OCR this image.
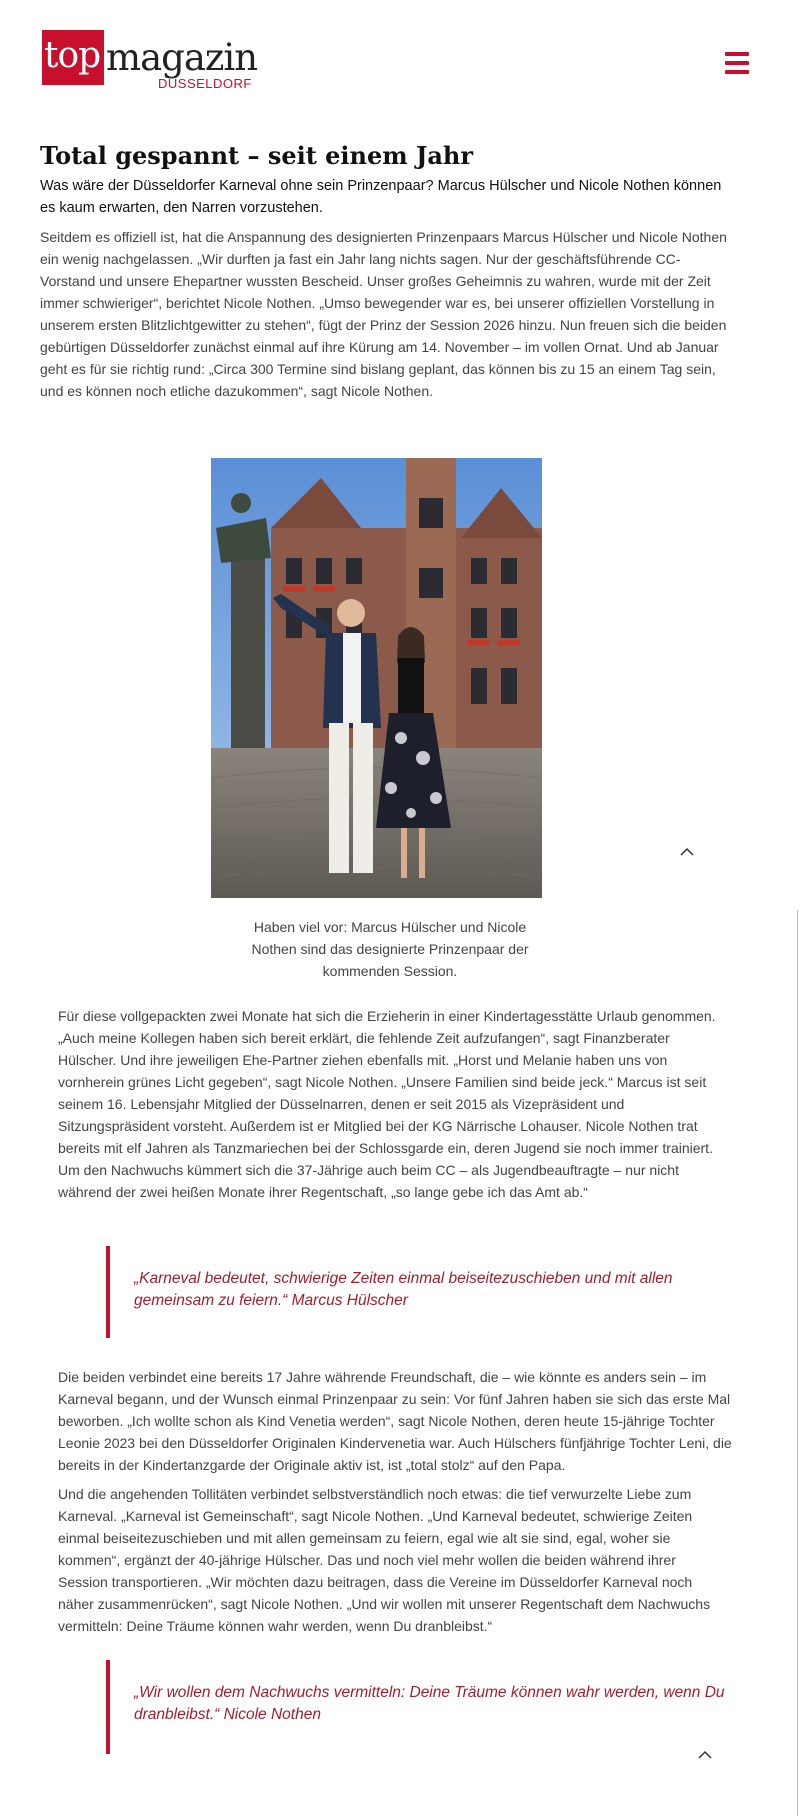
top magazin
DÜSSELDORF
Total gespannt – seit einem Jahr
Was wäre der Düsseldorfer Karneval ohne sein Prinzenpaar? Marcus Hülscher und Nicole Nothen können es kaum erwarten, den Narren vorzustehen.

Seitdem es offiziell ist, hat die Anspannung des designierten Prinzenpaars Marcus Hülscher und Nicole Nothen ein wenig nachgelassen. „Wir durften ja fast ein Jahr lang nichts sagen. Nur der geschäftsführende CC-Vorstand und unsere Ehepartner wussten Bescheid. Unser großes Geheimnis zu wahren, wurde mit der Zeit immer schwieriger“, berichtet Nicole Nothen. „Umso bewegender war es, bei unserer offiziellen Vorstellung in unserem ersten Blitzlichtgewitter zu stehen“, fügt der Prinz der Session 2026 hinzu. Nun freuen sich die beiden gebürtigen Düsseldorfer zunächst einmal auf ihre Kürung am 14. November – im vollen Ornat. Und ab Januar geht es für sie richtig rund: „Circa 300 Termine sind bislang geplant, das können bis zu 15 an einem Tag sein, und es können noch etliche dazukommen“, sagt Nicole Nothen.

Haben viel vor: Marcus Hülscher und Nicole Nothen sind das designierte Prinzenpaar der kommenden Session.

Für diese vollgepackten zwei Monate hat sich die Erzieherin in einer Kindertagesstätte Urlaub genommen. „Auch meine Kollegen haben sich bereit erklärt, die fehlende Zeit aufzufangen“, sagt Finanzberater Hülscher. Und ihre jeweiligen Ehe-Partner ziehen ebenfalls mit. „Horst und Melanie haben uns von vornherein grünes Licht gegeben“, sagt Nicole Nothen. „Unsere Familien sind beide jeck.“ Marcus ist seit seinem 16. Lebensjahr Mitglied der Düsselnarren, denen er seit 2015 als Vizepräsident und Sitzungspräsident vorsteht. Außerdem ist er Mitglied bei der KG Närrische Lohauser. Nicole Nothen trat bereits mit elf Jahren als Tanzmariechen bei der Schlossgarde ein, deren Jugend sie noch immer trainiert. Um den Nachwuchs kümmert sich die 37-Jährige auch beim CC – als Jugendbeauftragte – nur nicht während der zwei heißen Monate ihrer Regentschaft, „so lange gebe ich das Amt ab.“

„Karneval bedeutet, schwierige Zeiten einmal beiseitezuschieben und mit allen gemeinsam zu feiern.“ Marcus Hülscher

Die beiden verbindet eine bereits 17 Jahre währende Freundschaft, die – wie könnte es anders sein – im Karneval begann, und der Wunsch einmal Prinzenpaar zu sein: Vor fünf Jahren haben sie sich das erste Mal beworben. „Ich wollte schon als Kind Venetia werden“, sagt Nicole Nothen, deren heute 15-jährige Tochter Leonie 2023 bei den Düsseldorfer Originalen Kindervenetia war. Auch Hülschers fünfjährige Tochter Leni, die bereits in der Kindertanzgarde der Originale aktiv ist, ist „total stolz“ auf den Papa.

Und die angehenden Tollitäten verbindet selbstverständlich noch etwas: die tief verwurzelte Liebe zum Karneval. „Karneval ist Gemeinschaft“, sagt Nicole Nothen. „Und Karneval bedeutet, schwierige Zeiten einmal beiseitezuschieben und mit allen gemeinsam zu feiern, egal wie alt sie sind, egal, woher sie kommen“, ergänzt der 40-jährige Hülscher. Das und noch viel mehr wollen die beiden während ihrer Session transportieren. „Wir möchten dazu beitragen, dass die Vereine im Düsseldorfer Karneval noch näher zusammenrücken“, sagt Nicole Nothen. „Und wir wollen mit unserer Regentschaft dem Nachwuchs vermitteln: Deine Träume können wahr werden, wenn Du dranbleibst.“

„Wir wollen dem Nachwuchs vermitteln: Deine Träume können wahr werden, wenn Du dranbleibst.“ Nicole Nothen
